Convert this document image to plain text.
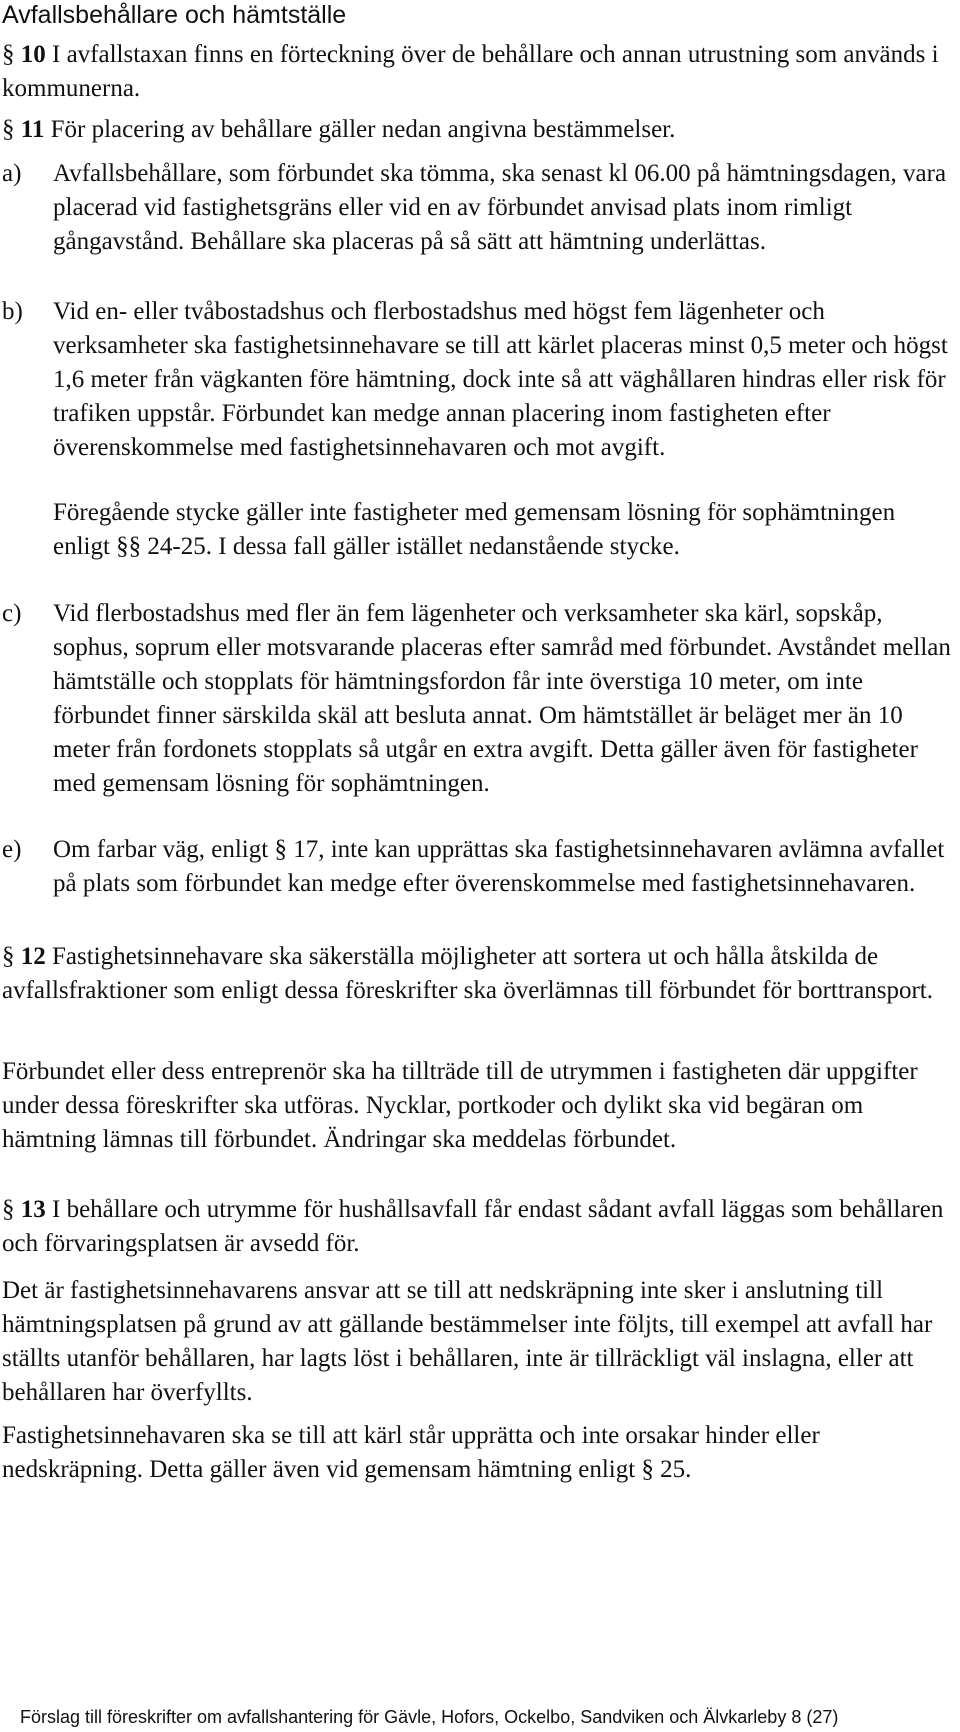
Avfallsbehållare och hämtställe
§ 10 I avfallstaxan finns en förteckning över de behållare och annan utrustning som används i kommunerna.
§ 11 För placering av behållare gäller nedan angivna bestämmelser.
a) Avfallsbehållare, som förbundet ska tömma, ska senast kl 06.00 på hämtningsdagen, vara placerad vid fastighetsgräns eller vid en av förbundet anvisad plats inom rimligt gångavstånd. Behållare ska placeras på så sätt att hämtning underlättas.
b) Vid en- eller tvåbostadshus och flerbostadshus med högst fem lägenheter och verksamheter ska fastighetsinnehavare se till att kärlet placeras minst 0,5 meter och högst 1,6 meter från vägkanten före hämtning, dock inte så att väghållaren hindras eller risk för trafiken uppstår. Förbundet kan medge annan placering inom fastigheten efter överenskommelse med fastighetsinnehavaren och mot avgift.
Föregående stycke gäller inte fastigheter med gemensam lösning för sophämtningen enligt §§ 24-25. I dessa fall gäller istället nedanstående stycke.
c) Vid flerbostadshus med fler än fem lägenheter och verksamheter ska kärl, sopskåp, sophus, soprum eller motsvarande placeras efter samråd med förbundet. Avståndet mellan hämtställe och stopplats för hämtningsfordon får inte överstiga 10 meter, om inte förbundet finner särskilda skäl att besluta annat. Om hämtstället är beläget mer än 10 meter från fordonets stopplats så utgår en extra avgift. Detta gäller även för fastigheter med gemensam lösning för sophämtningen.
e) Om farbar väg, enligt § 17, inte kan upprättas ska fastighetsinnehavaren avlämna avfallet på plats som förbundet kan medge efter överenskommelse med fastighetsinnehavaren.
§ 12 Fastighetsinnehavare ska säkerställa möjligheter att sortera ut och hålla åtskilda de avfallsfraktioner som enligt dessa föreskrifter ska överlämnas till förbundet för borttransport.
Förbundet eller dess entreprenör ska ha tillträde till de utrymmen i fastigheten där uppgifter under dessa föreskrifter ska utföras. Nycklar, portkoder och dylikt ska vid begäran om hämtning lämnas till förbundet. Ändringar ska meddelas förbundet.
§ 13 I behållare och utrymme för hushållsavfall får endast sådant avfall läggas som behållaren och förvaringsplatsen är avsedd för.
Det är fastighetsinnehavarens ansvar att se till att nedskräpning inte sker i anslutning till hämtningsplatsen på grund av att gällande bestämmelser inte följts, till exempel att avfall har ställts utanför behållaren, har lagts löst i behållaren, inte är tillräckligt väl inslagna, eller att behållaren har överfyllts.
Fastighetsinnehavaren ska se till att kärl står upprätta och inte orsakar hinder eller nedskräpning. Detta gäller även vid gemensam hämtning enligt § 25.
Förslag till föreskrifter om avfallshantering för Gävle, Hofors, Ockelbo, Sandviken och Älvkarleby 8 (27)
